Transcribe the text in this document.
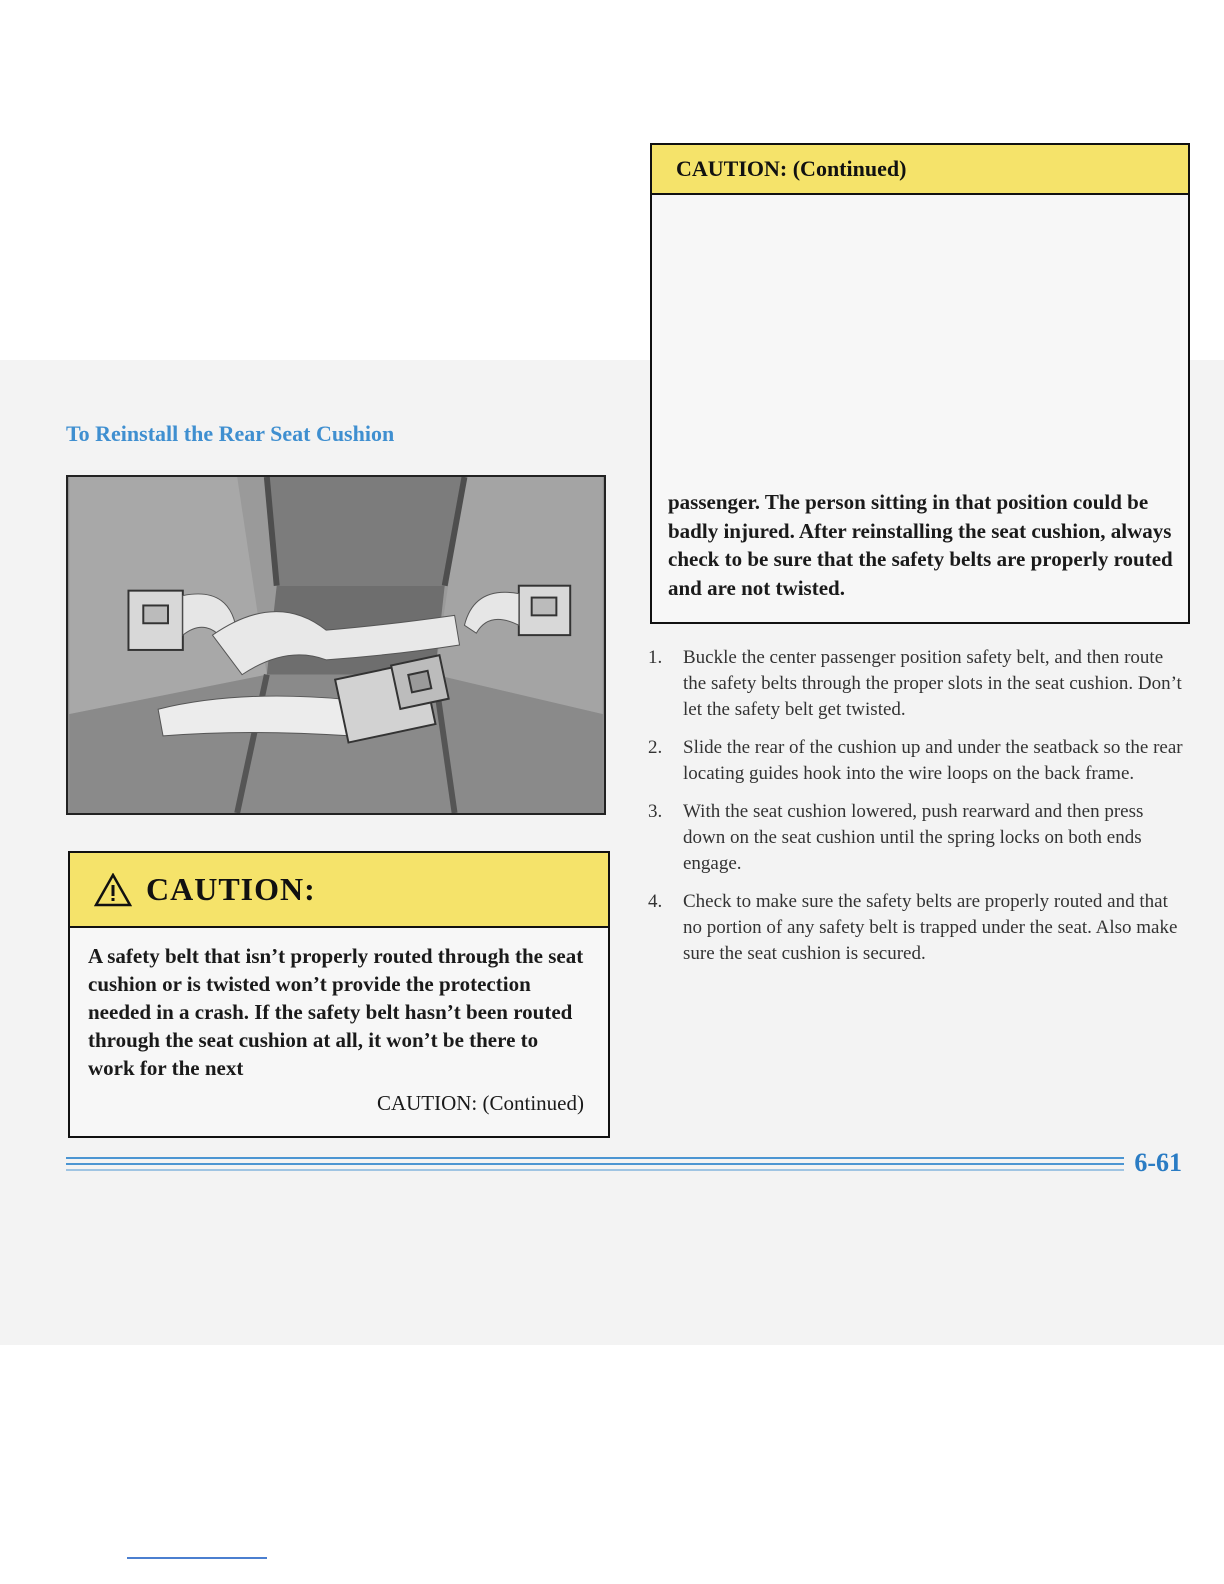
To Reinstall the Rear Seat Cushion
CAUTION:
A safety belt that isn’t properly routed through the seat cushion or is twisted won’t provide the protection needed in a crash. If the safety belt hasn’t been routed through the seat cushion at all, it won’t be there to work for the next
CAUTION: (Continued)
CAUTION: (Continued)
passenger. The person sitting in that position could be badly injured. After reinstalling the seat cushion, always check to be sure that the safety belts are properly routed and are not twisted.
1. Buckle the center passenger position safety belt, and then route the safety belts through the proper slots in the seat cushion. Don’t let the safety belt get twisted.
2. Slide the rear of the cushion up and under the seatback so the rear locating guides hook into the wire loops on the back frame.
3. With the seat cushion lowered, push rearward and then press down on the seat cushion until the spring locks on both ends engage.
4. Check to make sure the safety belts are properly routed and that no portion of any safety belt is trapped under the seat. Also make sure the seat cushion is secured.
6-61
